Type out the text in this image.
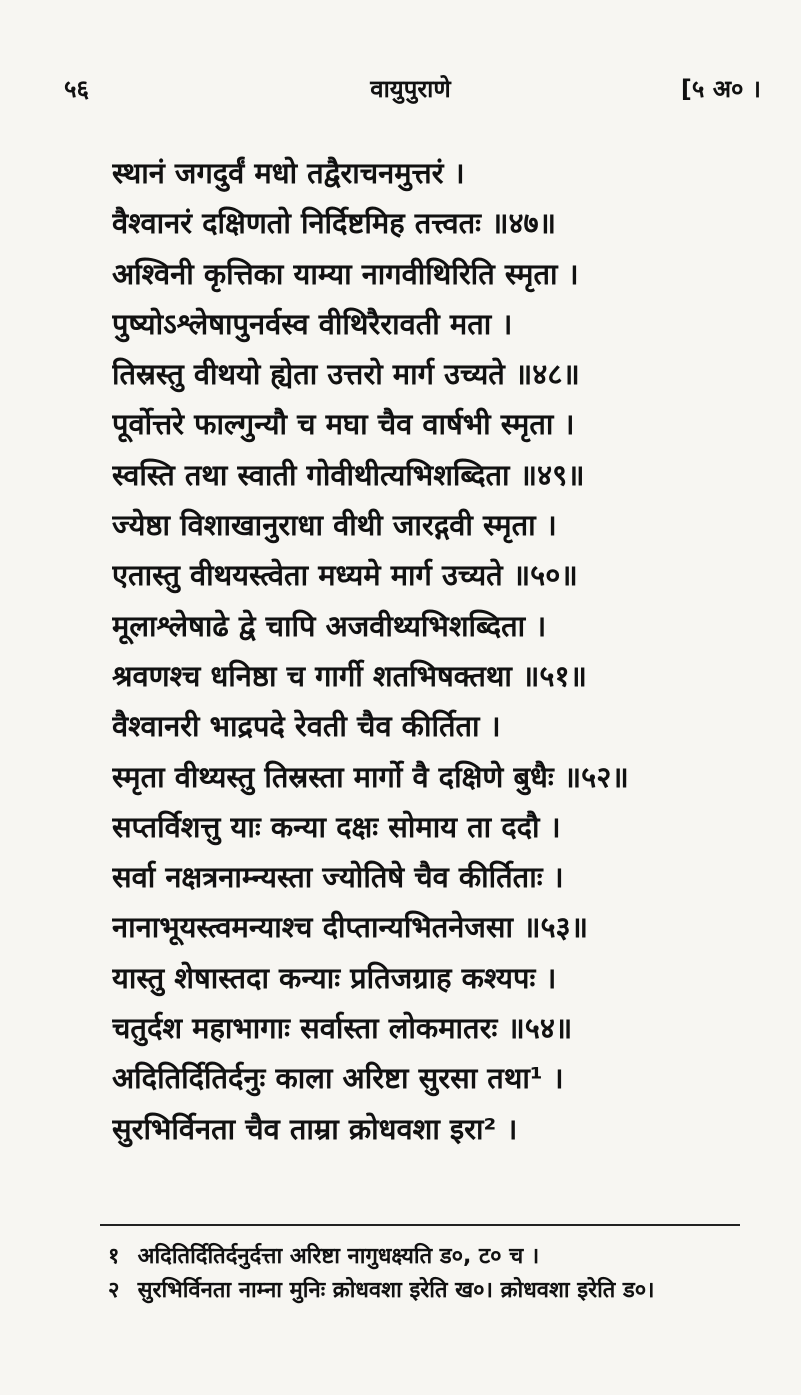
५६	वायुपुराणे	[५ अ० ।
स्थानं जगदुर्वं मधो तद्वैराचनमुत्तरं ।
वैश्वानरं दक्षिणतो निर्दिष्टमिह तत्त्वतः ॥४७॥
अश्विनी कृत्तिका याम्या नागवीथिरिति स्मृता ।
पुष्योऽश्लेषापुनर्वस्व वीथिरैरावती मता ।
तिस्रस्तु वीथयो ह्येता उत्तरो मार्ग उच्यते ॥४८॥
पूर्वोत्तरे फाल्गुन्यौ च मघा चैव वार्षभी स्मृता ।
स्वस्ति तथा स्वाती गोवीथीत्यभिशब्दिता ॥४९॥
ज्येष्ठा विशाखानुराधा वीथी जारद्गवी स्मृता ।
एतास्तु वीथयस्त्वेता मध्यमे मार्ग उच्यते ॥५०॥
मूलाश्लेषाढे द्वे चापि अजवीथ्यभिशब्दिता ।
श्रवणश्च धनिष्ठा च गार्गी शतभिषक्तथा ॥५१॥
वैश्वानरी भाद्रपदे रेवती चैव कीर्तिता ।
स्मृता वीथ्यस्तु तिस्रस्ता मार्गो वै दक्षिणे बुधैः ॥५२॥
सप्तर्विशत्तु याः कन्या दक्षः सोमाय ता ददौ ।
सर्वा नक्षत्रनाम्न्यस्ता ज्योतिषे चैव कीर्तिताः ।
नानाभूयस्त्वमन्याश्च दीप्तान्यभितनेजसा ॥५३॥
यास्तु शेषास्तदा कन्याः प्रतिजग्राह कश्यपः ।
चतुर्दश महाभागाः सर्वास्ता लोकमातरः ॥५४॥
अदितिर्दितिर्दनुः काला अरिष्टा सुरसा तथा¹ ।
सुरभिर्विनता चैव ताम्रा क्रोधवशा इरा² ।
१ अदितिर्दितिर्दनुर्दत्ता अरिष्टा नागुधक्ष्यति ड०, ट० च ।
२ सुरभिर्विनता नाम्ना मुनिः क्रोधवशा इरेति ख०। क्रोधवशा इरेति ड०।
